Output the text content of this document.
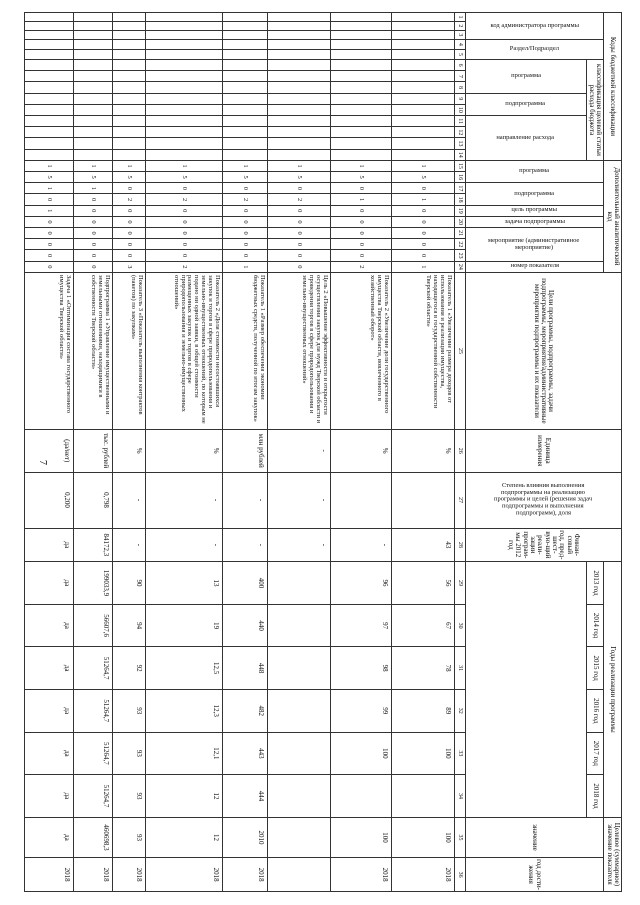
7
Коды бюджетной классификации														Дополнительный аналитический код										Цели программы, подпрограммы, задачи подпрограммы, мероприятия/административные мероприятия подпрограммы и их показатели	Единица измерения	Степень влияния выполнения подпрограммы на реализацию программы и целей (решения задач подпрограммы и выполнения подпрограмм), доля	Финан-совый год, пред-шест-вую-щий реали-зации програм-мы 2012 год	Годы реализации программы						Целевое (суммарное) значение показателя	

код администратора программы			Раздел/Подраздел		классификация целевой статьи расхода бюджета									программа		подпрограмма		цель программы	задача подпрограммы	мероприятие (административное мероприятие)			номер показателя					2013 год	2014 год	2015 год	2016 год	2017 год	2018 год	значение	год дости-жения

					программа			подпрограмма		направление расхода																									

1	2	3	4	5	6	7	8	9	10	11	12	13	14	15	16	17	18	19	20	21	22	23	24	25	26	27	28	29	30	31	32	33	34	35	36
														1	5	0	1	0	0	0	0	0	1	Показатель 1 «Увеличение размера доходов от использования и реализации имущества, находящегося в государственной собственности Тверской области»	%		43	56	67	78	89	100		100	2018
														1	5	0	1	0	0	0	0	0	2	Показатель 2 «Увеличение доли государственного имущества Тверской области, вовлеченного в хозяйственный оборот»	%		-	96	97	98	99	100		100	2018
														1	5	0	2	0	0	0	0	0	0	Цель 2 «Повышение эффективности и открытости осуществления закупок для нужд Тверской области и проведения торгов в сфере природопользования и земельно-имущественных отношений»	-	-	-								
														1	5	0	2	0	0	0	0	0	1	Показатель 1 «Размер обеспечения экономии бюджетных средств, полученной по итогам закупок»	млн рублей	-	-	400	440	448	482	443	444	2010	2018
														1	5	0	2	0	0	0	0	0	2	Показатель 2 «Доля стоимости несостоявшихся закупок и торгов в сфере природопользования и земельно-имущественных отношений, по которым не подано ни одной заявки, в общей стоимости размещенных закупок и торгов в сфере природопользования и земельно-имущественных отношений»	%	-	-	13	19	12,5	12,3	12,1	12	12	2018
														1	5	0	2	0	0	0	0	0	3	Показатель 3 «Показатель выполнения контрактов (пакетов) по закупкам»	%	-	-	90	94	92	93	93	93	93	2018
														1	5	1	0	0	0	0	0	0	0	Подпрограмма 1 «Управление имущественными и земельными отношениями, находящимися в собственности Тверской области»	тыс. рублей	0,798	84172,3	199033,9	56607,6	51264,7	51264,7	51264,7	51264,7	460698,3	2018
														1	5	1	0	1	0	0	0	0	0	Задача 1 «Оптимизация состава государственного имущества Тверской области»	(да/нет)	0,200	да	да	да	да	да	да	да	да	2018
